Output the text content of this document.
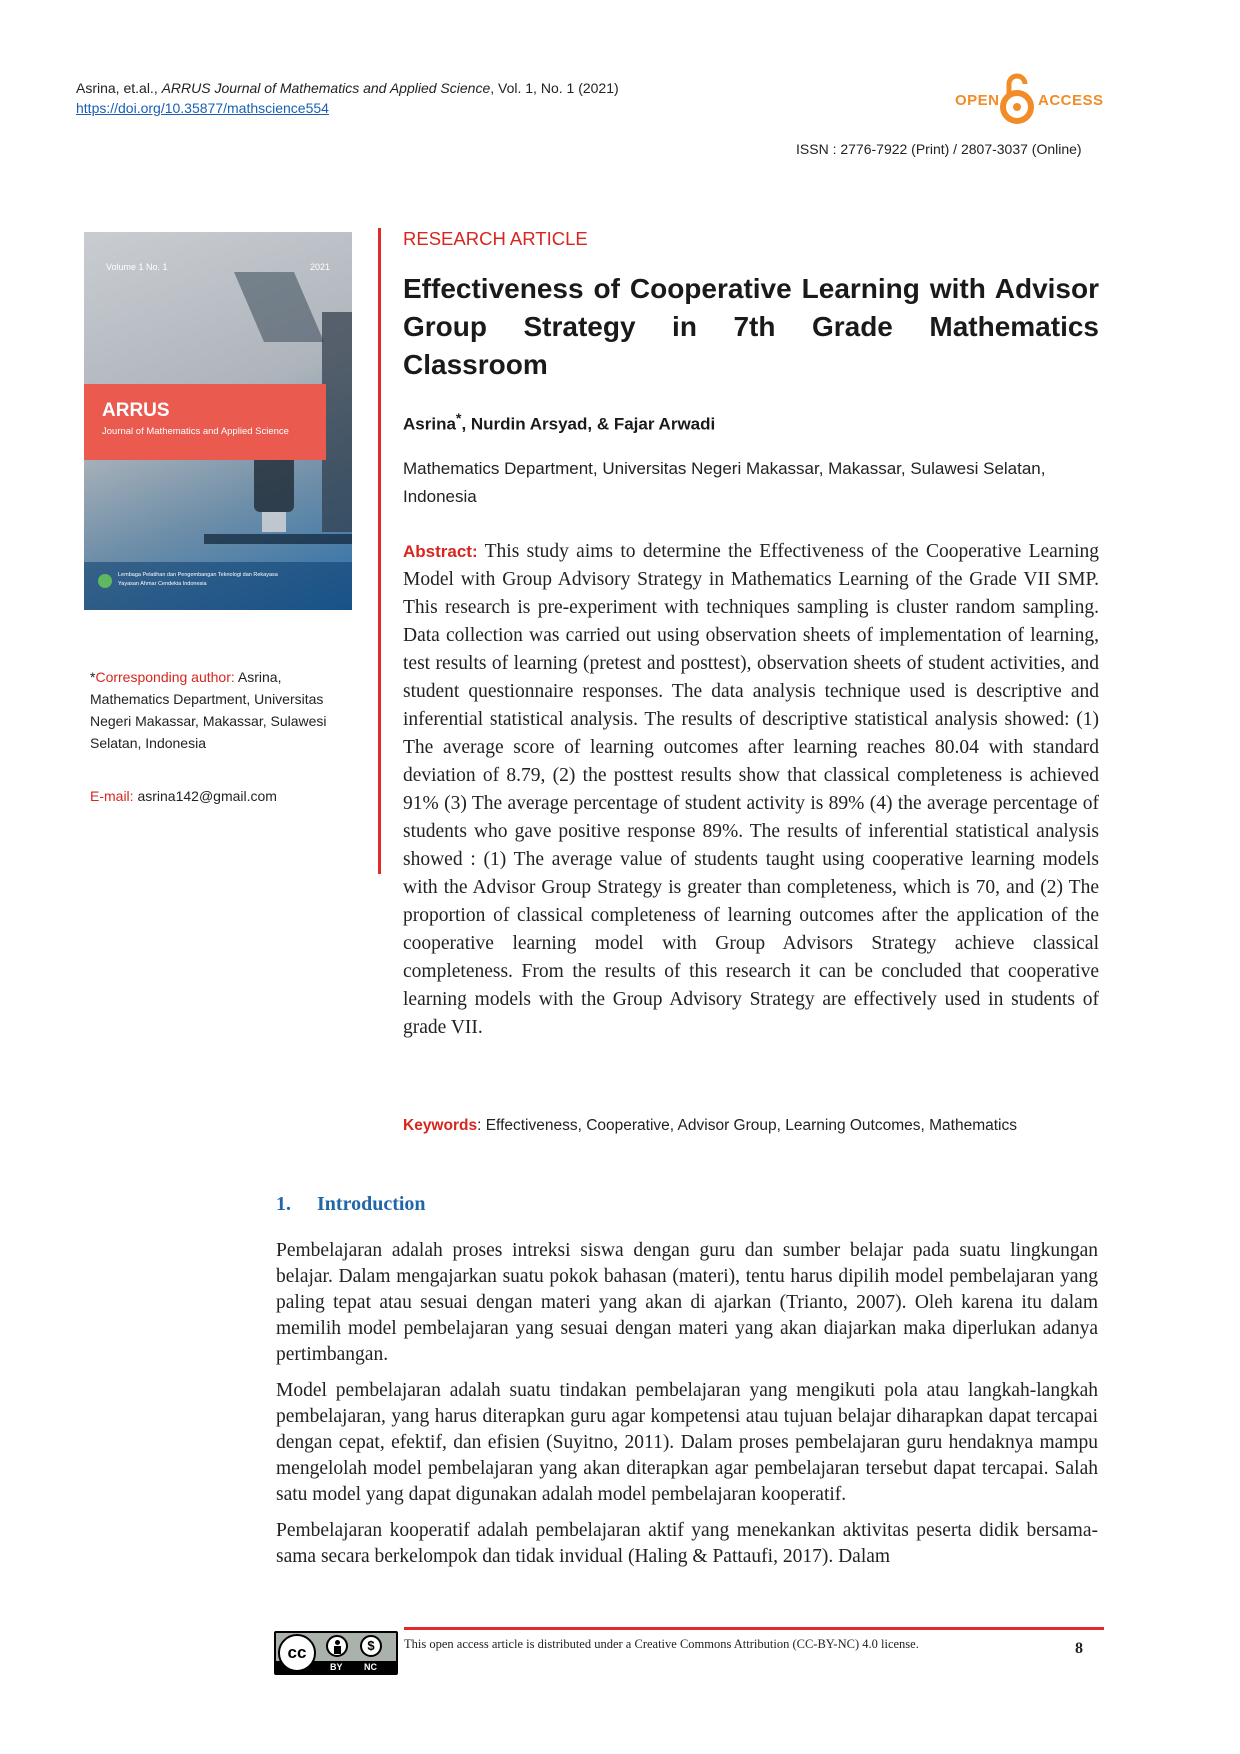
Asrina, et.al., ARRUS Journal of Mathematics and Applied Science, Vol. 1, No. 1 (2021)
https://doi.org/10.35877/mathscience554	OPEN	ACCESS
ISSN : 2776-7922 (Print) / 2807-3037 (Online)
Volume 1 No. 1	2021
ARRUS
Journal of Mathematics and Applied Science
Lembaga Pelatihan dan Pengembangan Teknologi dan Rekayasa
Yayasan Ahmar Cendekia Indonesia
*Corresponding author: Asrina,
Mathematics Department, Universitas
Negeri Makassar, Makassar, Sulawesi
Selatan, Indonesia
E-mail: asrina142@gmail.com
RESEARCH ARTICLE
Effectiveness of Cooperative Learning with Advisor Group Strategy in 7th Grade Mathematics Classroom
Asrina*, Nurdin Arsyad, & Fajar Arwadi
Mathematics Department, Universitas Negeri Makassar, Makassar, Sulawesi Selatan, Indonesia
Abstract: This study aims to determine the Effectiveness of the Cooperative Learning Model with Group Advisory Strategy in Mathematics Learning of the Grade VII SMP. This research is pre-experiment with techniques sampling is cluster random sampling. Data collection was carried out using observation sheets of implementation of learning, test results of learning (pretest and posttest), observation sheets of student activities, and student questionnaire responses. The data analysis technique used is descriptive and inferential statistical analysis. The results of descriptive statistical analysis showed: (1) The average score of learning outcomes after learning reaches 80.04 with standard deviation of 8.79, (2) the posttest results show that classical completeness is achieved 91% (3) The average percentage of student activity is 89% (4) the average percentage of students who gave positive response 89%. The results of inferential statistical analysis showed : (1) The average value of students taught using cooperative learning models with the Advisor Group Strategy is greater than completeness, which is 70, and (2) The proportion of classical completeness of learning outcomes after the application of the cooperative learning model with Group Advisors Strategy achieve classical completeness. From the results of this research it can be concluded that cooperative learning models with the Group Advisory Strategy are effectively used in students of grade VII.
Keywords: Effectiveness, Cooperative, Advisor Group, Learning Outcomes, Mathematics
1. Introduction

Pembelajaran adalah proses intreksi siswa dengan guru dan sumber belajar pada suatu lingkungan belajar. Dalam mengajarkan suatu pokok bahasan (materi), tentu harus dipilih model pembelajaran yang paling tepat atau sesuai dengan materi yang akan di ajarkan (Trianto, 2007). Oleh karena itu dalam memilih model pembelajaran yang sesuai dengan materi yang akan diajarkan maka diperlukan adanya pertimbangan.

Model pembelajaran adalah suatu tindakan pembelajaran yang mengikuti pola atau langkah-langkah pembelajaran, yang harus diterapkan guru agar kompetensi atau tujuan belajar diharapkan dapat tercapai dengan cepat, efektif, dan efisien (Suyitno, 2011). Dalam proses pembelajaran guru hendaknya mampu mengelolah model pembelajaran yang akan diterapkan agar pembelajaran tersebut dapat tercapai. Salah satu model yang dapat digunakan adalah model pembelajaran kooperatif.

Pembelajaran kooperatif adalah pembelajaran aktif yang menekankan aktivitas peserta didik bersama-sama secara berkelompok dan tidak invidual (Haling & Pattaufi, 2017). Dalam

cc	$
BY NC
This open access article is distributed under a Creative Commons Attribution (CC-BY-NC) 4.0 license.	8
